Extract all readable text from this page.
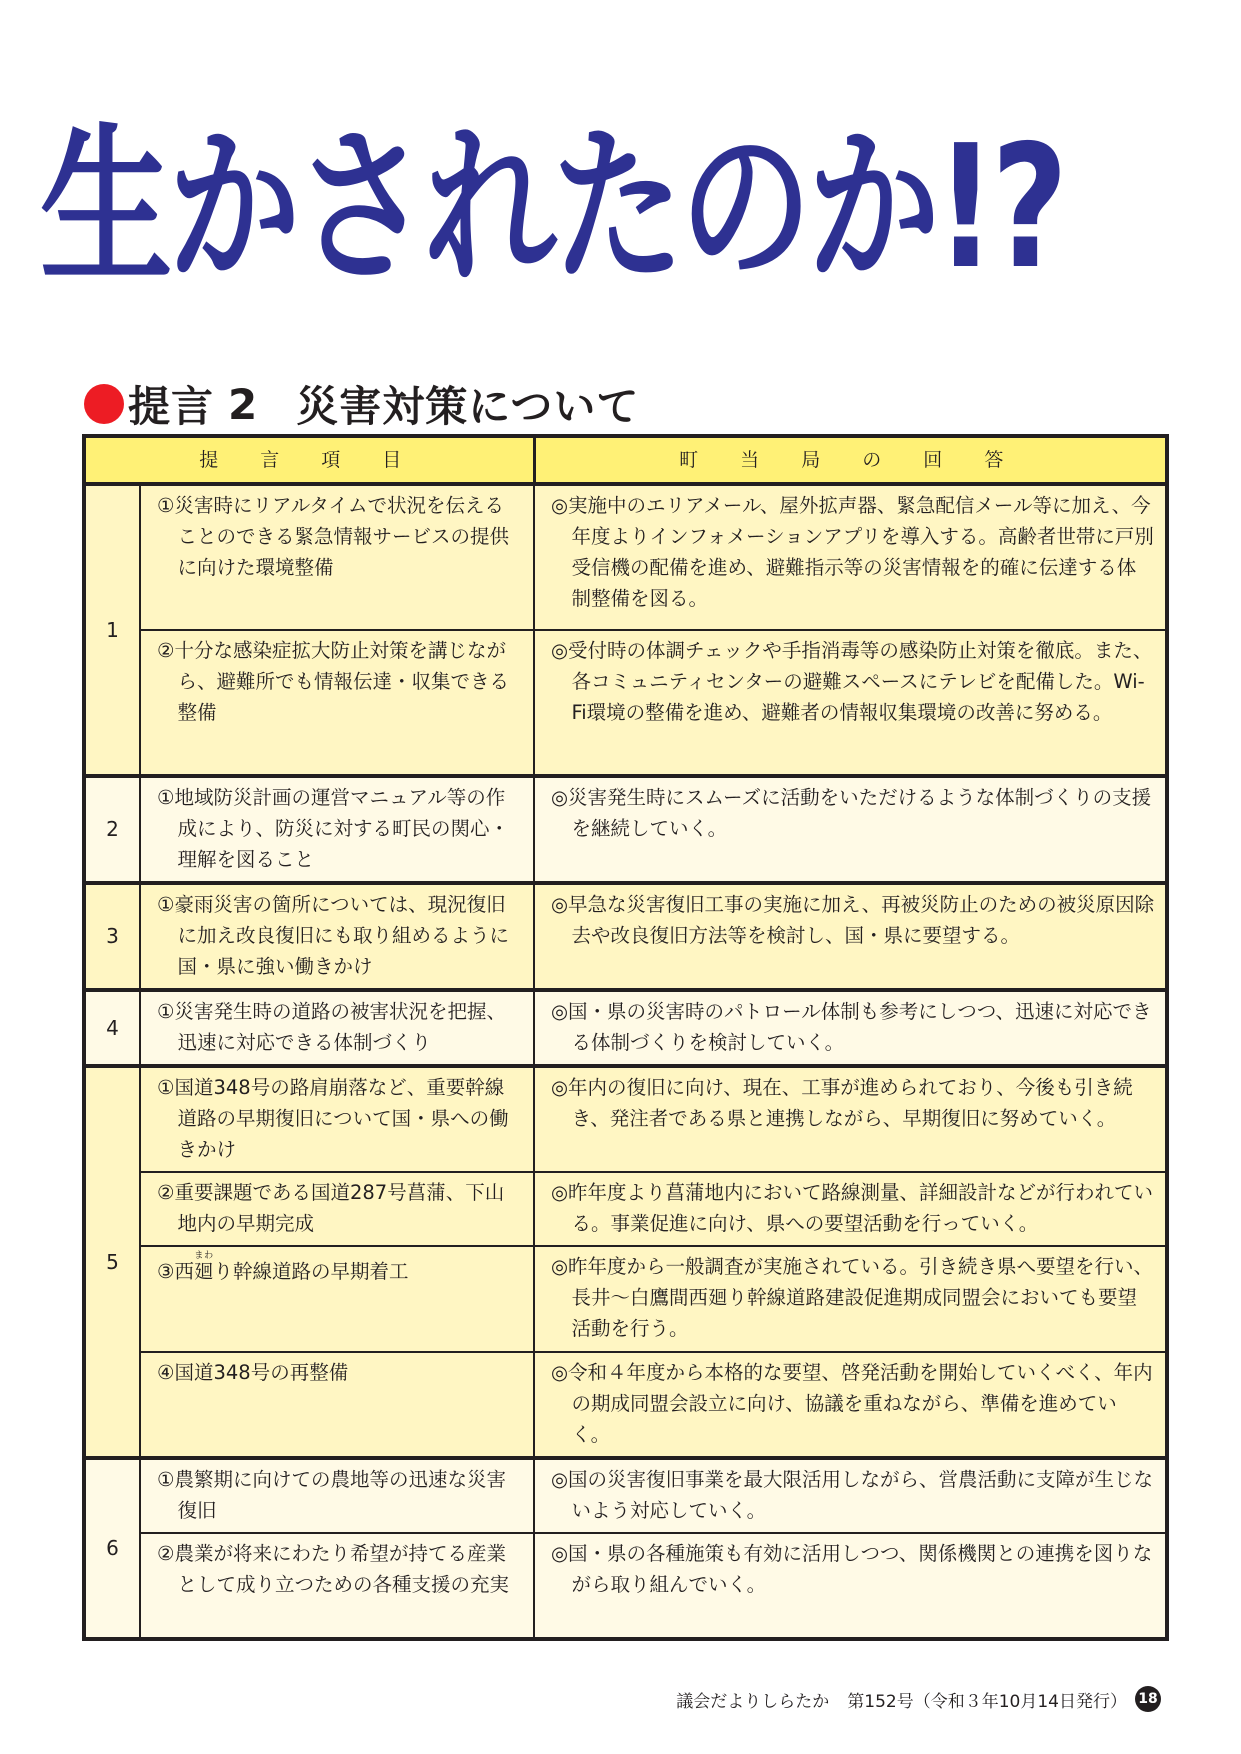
生かされたのか!?
提言 2 災害対策について
提 言 項 目		町 当 局 の 回 答
1	①災害時にリアルタイムで状況を伝えることのできる緊急情報サービスの提供に向けた環境整備	◎実施中のエリアメール、屋外拡声器、緊急配信メール等に加え、今年度よりインフォメーションアプリを導入する。高齢者世帯に戸別受信機の配備を進め、避難指示等の災害情報を的確に伝達する体制整備を図る。

	②十分な感染症拡大防止対策を講じながら、避難所でも情報伝達・収集できる整備	◎受付時の体調チェックや手指消毒等の感染防止対策を徹底。また、各コミュニティセンターの避難スペースにテレビを配備した。Wi-Fi環境の整備を進め、避難者の情報収集環境の改善に努める。

2	①地域防災計画の運営マニュアル等の作成により、防災に対する町民の関心・理解を図ること	◎災害発生時にスムーズに活動をいただけるような体制づくりの支援を継続していく。

3	①豪雨災害の箇所については、現況復旧に加え改良復旧にも取り組めるように国・県に強い働きかけ	◎早急な災害復旧工事の実施に加え、再被災防止のための被災原因除去や改良復旧方法等を検討し、国・県に要望する。

4	①災害発生時の道路の被害状況を把握、迅速に対応できる体制づくり	◎国・県の災害時のパトロール体制も参考にしつつ、迅速に対応できる体制づくりを検討していく。

5	①国道348号の路肩崩落など、重要幹線道路の早期復旧について国・県への働きかけ	◎年内の復旧に向け、現在、工事が進められており、今後も引き続き、発注者である県と連携しながら、早期復旧に努めていく。

	②重要課題である国道287号菖蒲、下山地内の早期完成	◎昨年度より菖蒲地内において路線測量、詳細設計などが行われている。事業促進に向け、県への要望活動を行っていく。

	③西廻まわり幹線道路の早期着工	◎昨年度から一般調査が実施されている。引き続き県へ要望を行い、長井～白鷹間西廻り幹線道路建設促進期成同盟会においても要望活動を行う。

	④国道348号の再整備	◎令和４年度から本格的な要望、啓発活動を開始していくべく、年内の期成同盟会設立に向け、協議を重ねながら、準備を進めていく。

6	①農繁期に向けての農地等の迅速な災害復旧	◎国の災害復旧事業を最大限活用しながら、営農活動に支障が生じないよう対応していく。

	②農業が将来にわたり希望が持てる産業として成り立つための各種支援の充実	◎国・県の各種施策も有効に活用しつつ、関係機関との連携を図りながら取り組んでいく。
議会だよりしらたか 第152号（令和３年10月14日発行） 18
